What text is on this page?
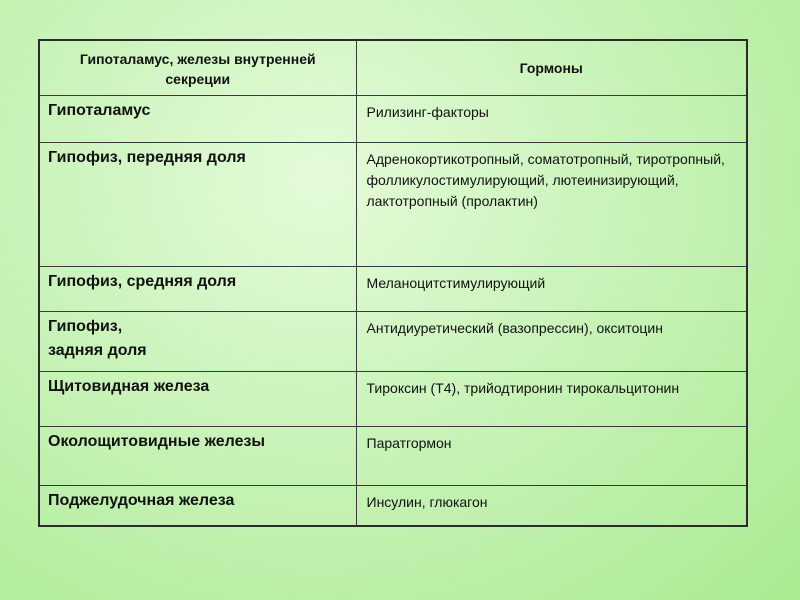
Гипоталамус, железы внутренней секреции	Гормоны
Гипоталамус	Рилизинг-факторы
Гипофиз, передняя доля	Адренокортикотропный, соматотропный, тиротропный, фолликулостимулирующий, лютеинизирующий, лактотропный (пролактин)
Гипофиз, средняя доля	Меланоцитстимулирующий
Гипофиз,
задняя доля	Антидиуретический (вазопрессин), окситоцин
Щитовидная железа	Тироксин (Т4), трийодтиронин тирокальцитонин
Околощитовидные железы	Паратгормон
Поджелудочная железа	Инсулин, глюкагон
